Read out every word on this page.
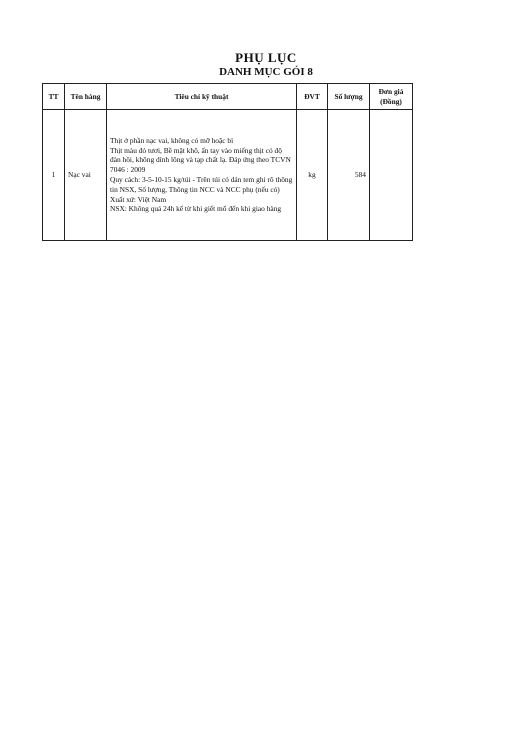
PHỤ LỤC
DANH MỤC GÓI 8
TT	Tên hàng	Tiêu chí kỹ thuật	ĐVT	Số lượng	Đơn giá (Đồng)
1	Nạc vai	Thịt ở phần nạc vai, không có mỡ hoặc bì
Thịt màu đỏ tươi, Bề mặt khô, ấn tay vào miếng thịt có độ đàn hồi, không dính lông và tạp chất lạ. Đáp ứng theo TCVN 7046 : 2009
Quy cách: 3-5-10-15 kg/túi - Trên túi có dán tem ghi rõ thông tin NSX, Số lượng, Thông tin NCC và NCC phụ (nếu có)
Xuất xứ: Việt Nam
NSX: Không quá 24h kể từ khi giết mổ đến khi giao hàng	kg	584	
